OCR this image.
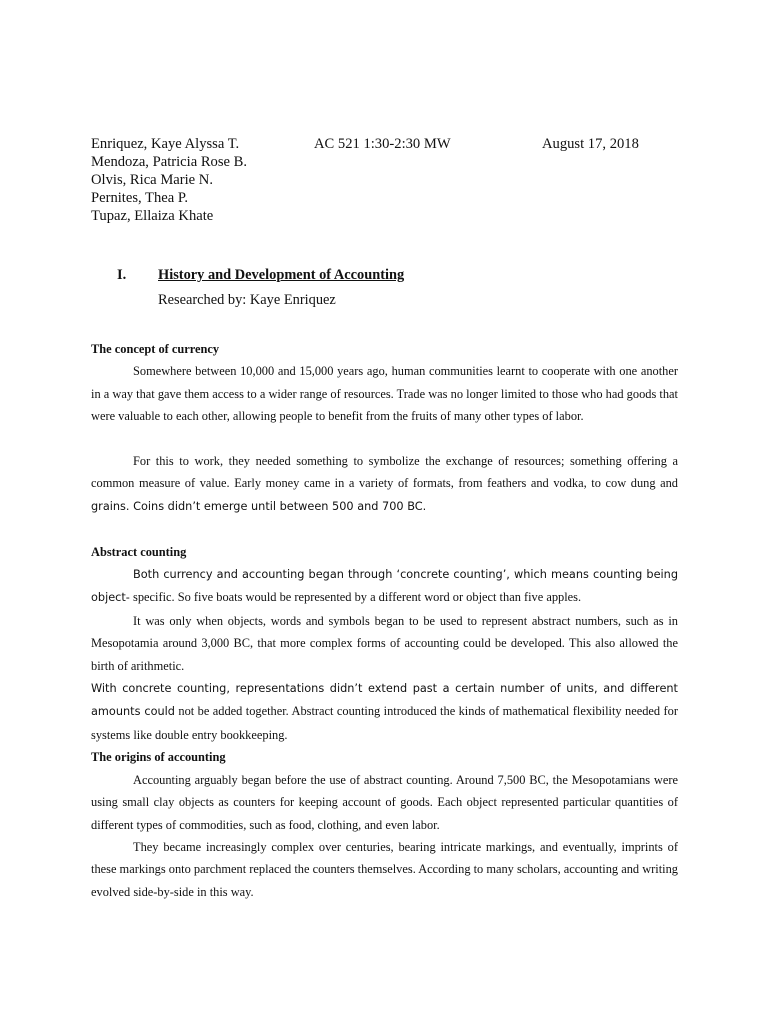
Enriquez, Kaye Alyssa T.	AC 521 1:30-2:30 MW	August 17, 2018
Mendoza, Patricia Rose B.
Olvis, Rica Marie N.
Pernites, Thea P.
Tupaz, Ellaiza Khate
I. History and Development of Accounting
Researched by: Kaye Enriquez

The concept of currency

Somewhere between 10,000 and 15,000 years ago, human communities learnt to cooperate with one another in a way that gave them access to a wider range of resources. Trade was no longer limited to those who had goods that were valuable to each other, allowing people to benefit from the fruits of many other types of labor.

For this to work, they needed something to symbolize the exchange of resources; something offering a common measure of value. Early money came in a variety of formats, from feathers and vodka, to cow dung and grains. Coins didn’t emerge until between 500 and 700 BC.

Abstract counting

Both currency and accounting began through ‘concrete counting’, which means counting being object- specific. So five boats would be represented by a different word or object than five apples.

It was only when objects, words and symbols began to be used to represent abstract numbers, such as in Mesopotamia around 3,000 BC, that more complex forms of accounting could be developed. This also allowed the birth of arithmetic.

With concrete counting, representations didn’t extend past a certain number of units, and different amounts could not be added together. Abstract counting introduced the kinds of mathematical flexibility needed for systems like double entry bookkeeping.

The origins of accounting

Accounting arguably began before the use of abstract counting. Around 7,500 BC, the Mesopotamians were using small clay objects as counters for keeping account of goods. Each object represented particular quantities of different types of commodities, such as food, clothing, and even labor.

They became increasingly complex over centuries, bearing intricate markings, and eventually, imprints of these markings onto parchment replaced the counters themselves. According to many scholars, accounting and writing evolved side-by-side in this way.
